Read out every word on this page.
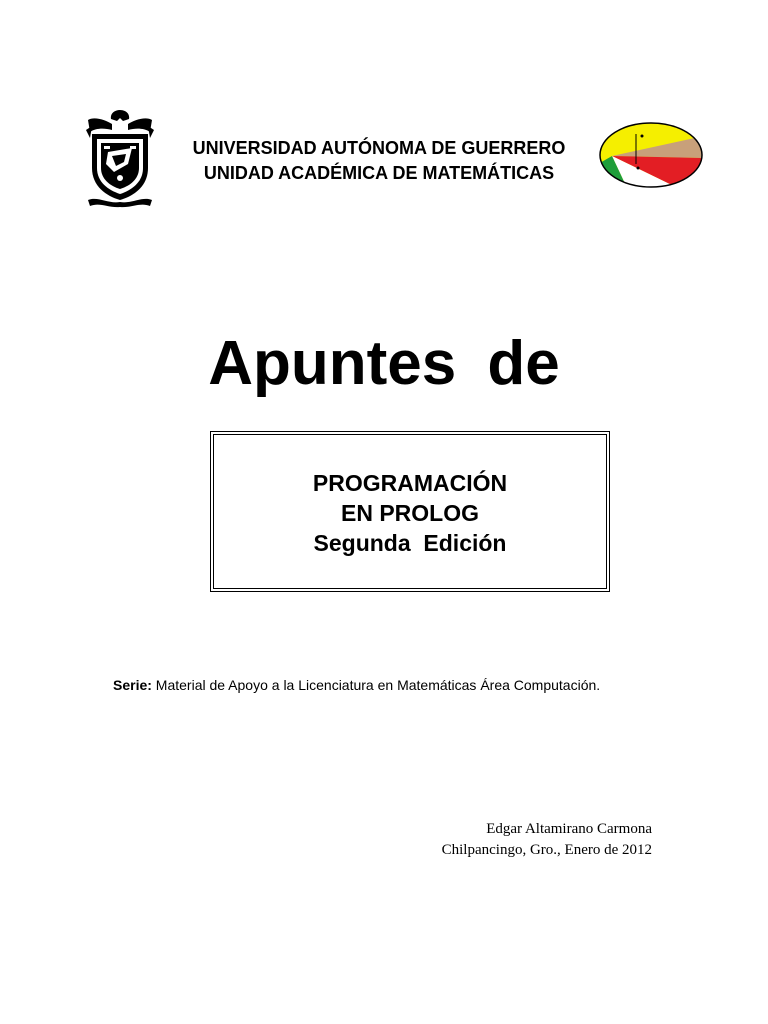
UNIVERSIDAD AUTÓNOMA DE GUERRERO
UNIDAD ACADÉMICA DE MATEMÁTICAS
Apuntes de
PROGRAMACIÓN
EN PROLOG
Segunda  Edición
Serie: Material de Apoyo a la Licenciatura en Matemáticas Área Computación.
Edgar Altamirano Carmona
Chilpancingo, Gro., Enero de 2012
